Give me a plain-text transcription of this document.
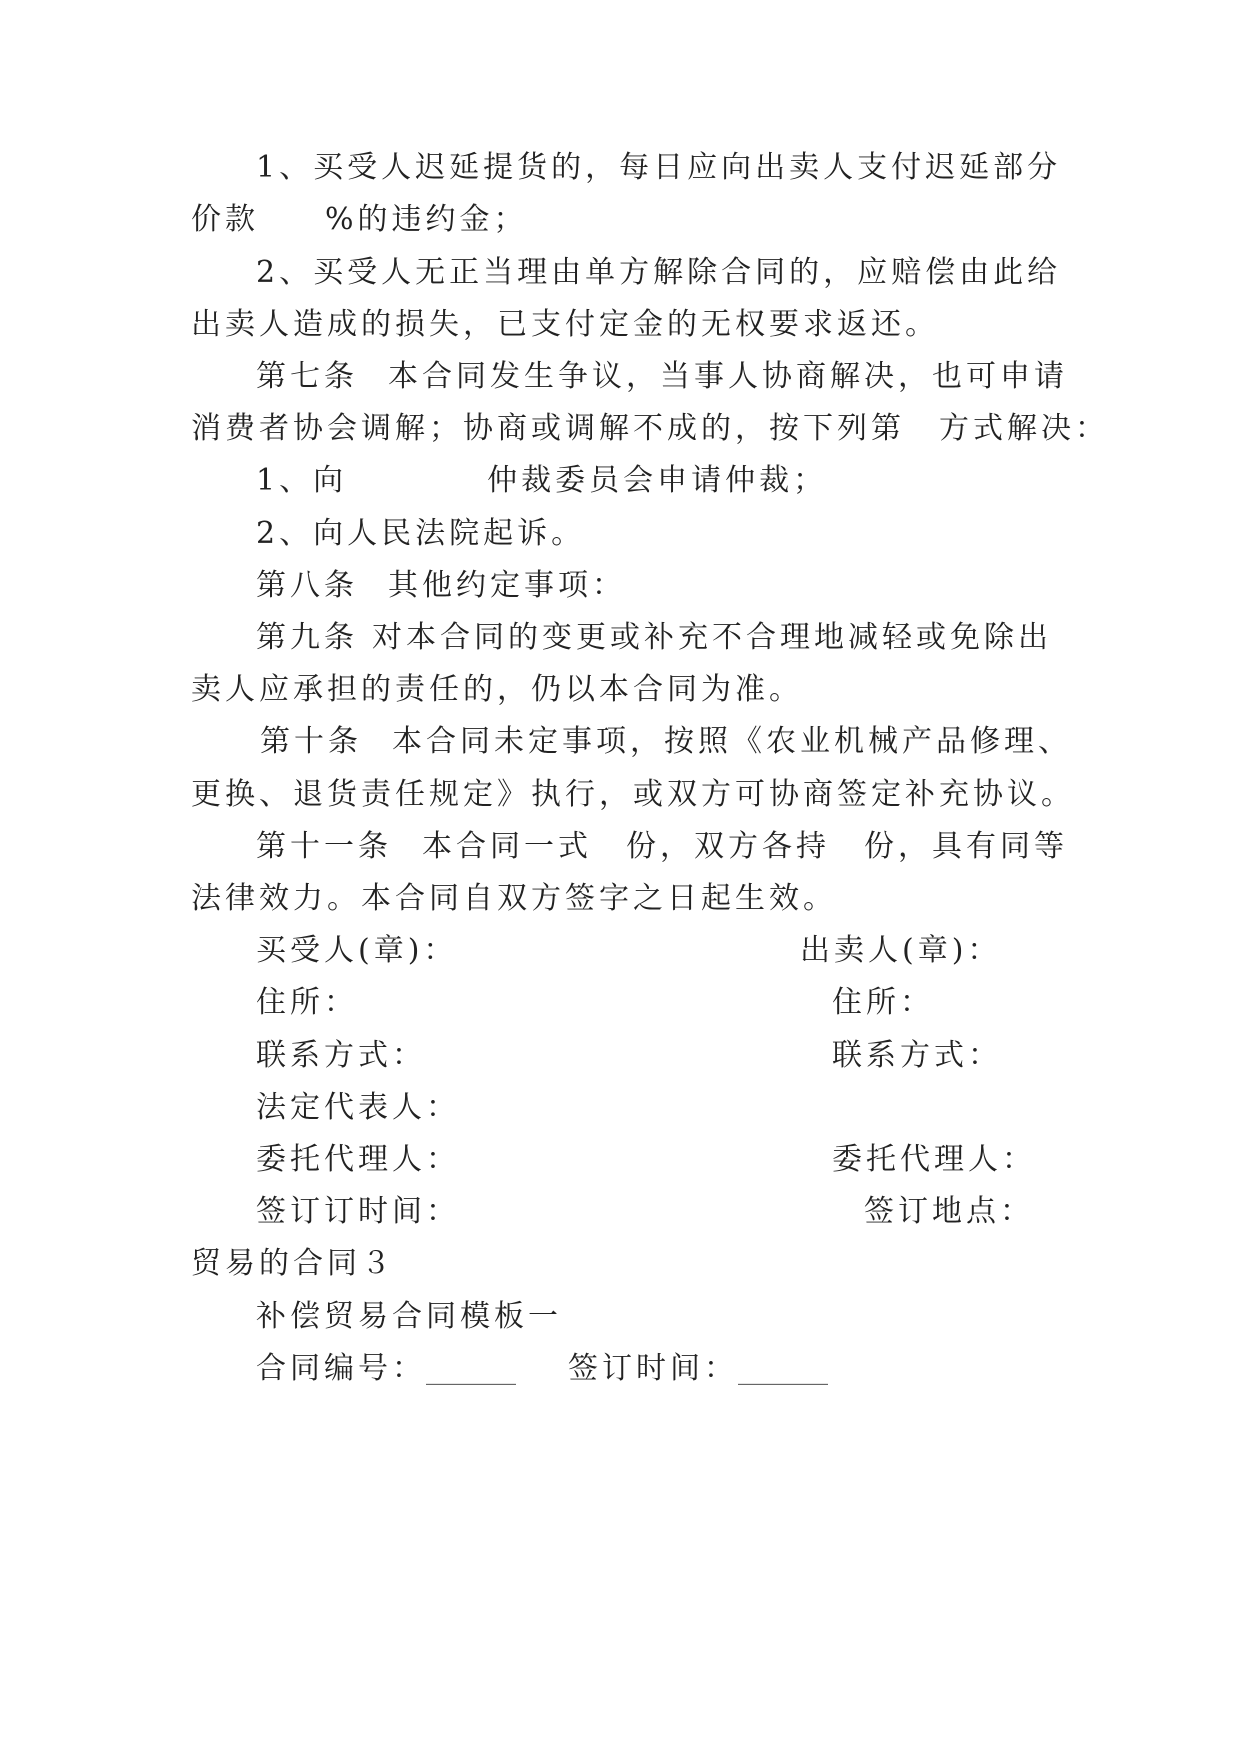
1、买受人迟延提货的，每日应向出卖人支付迟延部分
价款 %的违约金；
2、买受人无正当理由单方解除合同的，应赔偿由此给
出卖人造成的损失，已支付定金的无权要求返还。
第七条 本合同发生争议，当事人协商解决，也可申请
消费者协会调解；协商或调解不成的，按下列第 方式解决：
1、向	仲裁委员会申请仲裁；
2、向人民法院起诉。
第八条 其他约定事项：
第九条 对本合同的变更或补充不合理地减轻或免除出
卖人应承担的责任的，仍以本合同为准。
第十条 本合同未定事项，按照《农业机械产品修理、
更换、退货责任规定》执行，或双方可协商签定补充协议。
第十一条 本合同一式 份，双方各持 份，具有同等
法律效力。本合同自双方签字之日起生效。
买受人(章)：	出卖人(章)：
住所：	住所：
联系方式：	联系方式：
法定代表人：
委托代理人：	委托代理人：
签订订时间：	签订地点：
贸易的合同３
补偿贸易合同模板一
合同编号：______ 签订时间：______
